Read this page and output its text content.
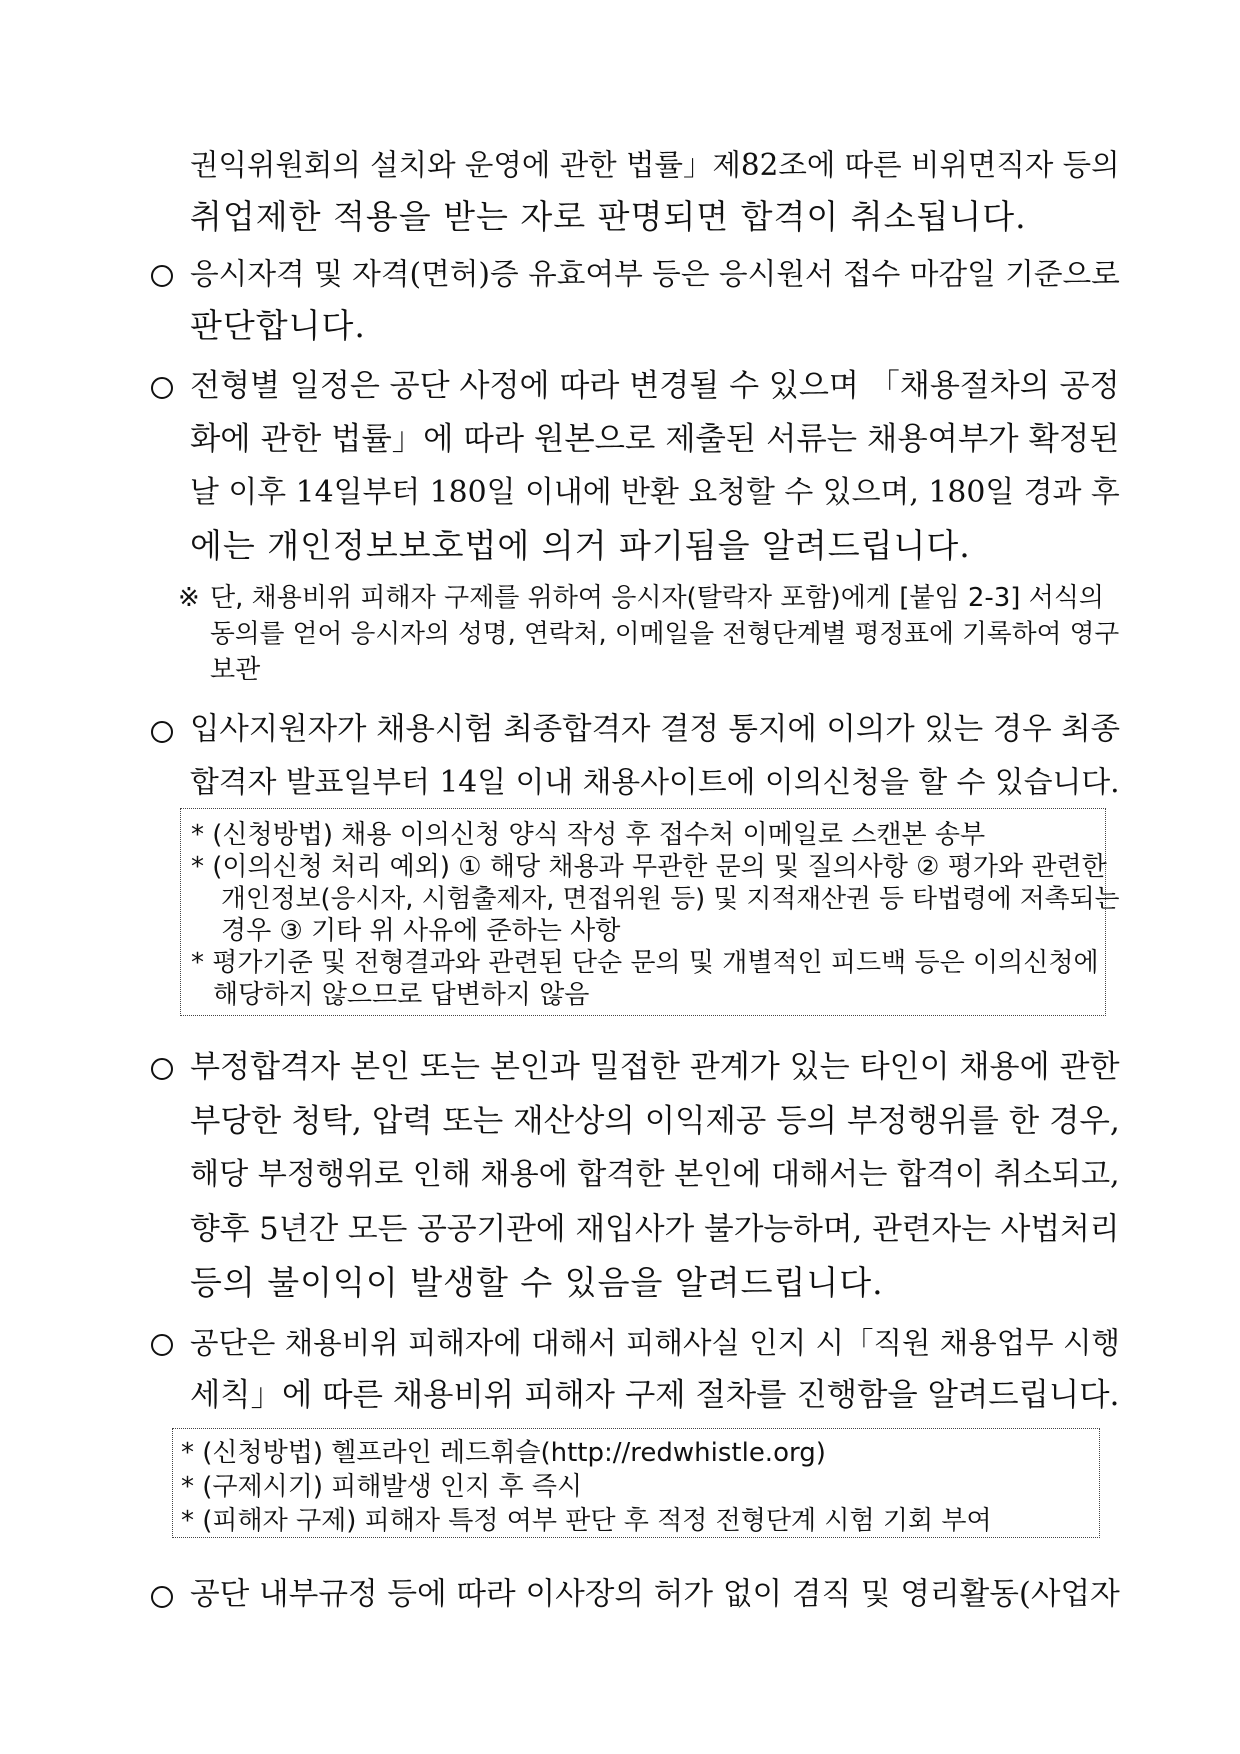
권익위원회의 설치와 운영에 관한 법률」제82조에 따른 비위면직자 등의
취업제한 적용을 받는 자로 판명되면 합격이 취소됩니다.
응시자격 및 자격(면허)증 유효여부 등은 응시원서 접수 마감일 기준으로
판단합니다.
전형별 일정은 공단 사정에 따라 변경될 수 있으며 「채용절차의 공정
화에 관한 법률」에 따라 원본으로 제출된 서류는 채용여부가 확정된
날 이후 14일부터 180일 이내에 반환 요청할 수 있으며, 180일 경과 후
에는 개인정보보호법에 의거 파기됨을 알려드립니다.
※ 단, 채용비위 피해자 구제를 위하여 응시자(탈락자 포함)에게 [붙임 2-3] 서식의
동의를 얻어 응시자의 성명, 연락처, 이메일을 전형단계별 평정표에 기록하여 영구
보관
입사지원자가 채용시험 최종합격자 결정 통지에 이의가 있는 경우 최종
합격자 발표일부터 14일 이내 채용사이트에 이의신청을 할 수 있습니다.
* (신청방법) 채용 이의신청 양식 작성 후 접수처 이메일로 스캔본 송부
* (이의신청 처리 예외) ① 해당 채용과 무관한 문의 및 질의사항 ② 평가와 관련한
개인정보(응시자, 시험출제자, 면접위원 등) 및 지적재산권 등 타법령에 저촉되는
경우 ③ 기타 위 사유에 준하는 사항
* 평가기준 및 전형결과와 관련된 단순 문의 및 개별적인 피드백 등은 이의신청에
해당하지 않으므로 답변하지 않음
부정합격자 본인 또는 본인과 밀접한 관계가 있는 타인이 채용에 관한
부당한 청탁, 압력 또는 재산상의 이익제공 등의 부정행위를 한 경우,
해당 부정행위로 인해 채용에 합격한 본인에 대해서는 합격이 취소되고,
향후 5년간 모든 공공기관에 재입사가 불가능하며, 관련자는 사법처리
등의 불이익이 발생할 수 있음을 알려드립니다.
공단은 채용비위 피해자에 대해서 피해사실 인지 시「직원 채용업무 시행
세칙」에 따른 채용비위 피해자 구제 절차를 진행함을 알려드립니다.
* (신청방법) 헬프라인 레드휘슬(http://redwhistle.org)
* (구제시기) 피해발생 인지 후 즉시
* (피해자 구제) 피해자 특정 여부 판단 후 적정 전형단계 시험 기회 부여
공단 내부규정 등에 따라 이사장의 허가 없이 겸직 및 영리활동(사업자
